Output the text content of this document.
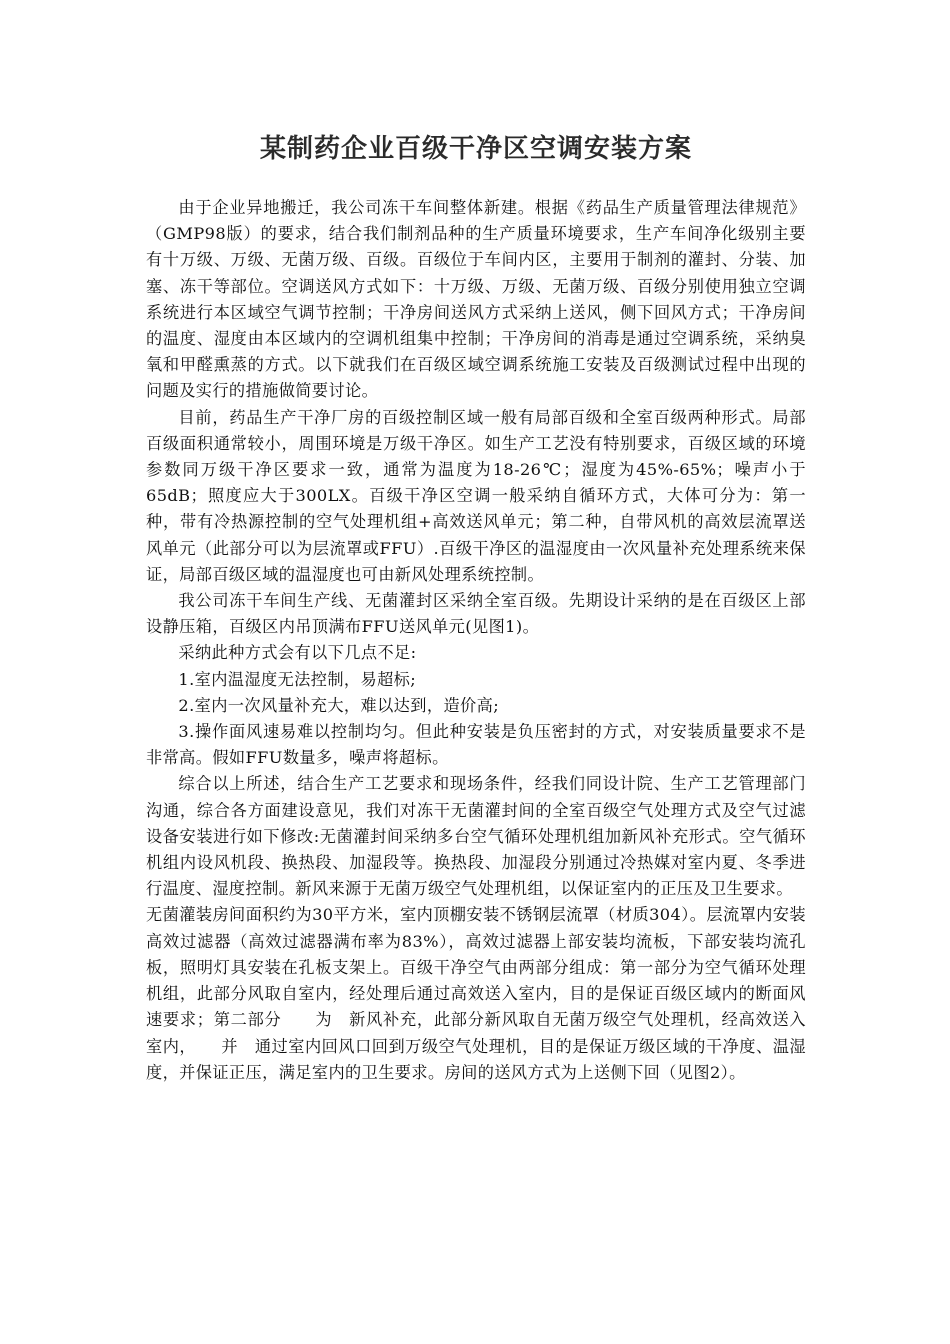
某制药企业百级干净区空调安装方案

由于企业异地搬迁，我公司冻干车间整体新建。根据《药品生产质量管理法律规范》（GMP98版）的要求，结合我们制剂品种的生产质量环境要求，生产车间净化级别主要有十万级、万级、无菌万级、百级。百级位于车间内区，主要用于制剂的灌封、分装、加塞、冻干等部位。空调送风方式如下：十万级、万级、无菌万级、百级分别使用独立空调系统进行本区域空气调节控制；干净房间送风方式采纳上送风，侧下回风方式；干净房间的温度、湿度由本区域内的空调机组集中控制；干净房间的消毒是通过空调系统，采纳臭氧和甲醛熏蒸的方式。以下就我们在百级区域空调系统施工安装及百级测试过程中出现的问题及实行的措施做简要讨论。

目前，药品生产干净厂房的百级控制区域一般有局部百级和全室百级两种形式。局部百级面积通常较小，周围环境是万级干净区。如生产工艺没有特别要求，百级区域的环境参数同万级干净区要求一致，通常为温度为18-26℃；湿度为45%-65%；噪声小于65dB；照度应大于300LX。百级干净区空调一般采纳自循环方式，大体可分为：第一种，带有冷热源控制的空气处理机组+高效送风单元；第二种，自带风机的高效层流罩送风单元（此部分可以为层流罩或FFU）.百级干净区的温湿度由一次风量补充处理系统来保证，局部百级区域的温湿度也可由新风处理系统控制。

我公司冻干车间生产线、无菌灌封区采纳全室百级。先期设计采纳的是在百级区上部设静压箱，百级区内吊顶满布FFU送风单元(见图1)。

采纳此种方式会有以下几点不足:

1.室内温湿度无法控制，易超标;

2.室内一次风量补充大，难以达到，造价高;

3.操作面风速易难以控制均匀。但此种安装是负压密封的方式，对安装质量要求不是非常高。假如FFU数量多，噪声将超标。

综合以上所述，结合生产工艺要求和现场条件，经我们同设计院、生产工艺管理部门沟通，综合各方面建设意见，我们对冻干无菌灌封间的全室百级空气处理方式及空气过滤设备安装进行如下修改:无菌灌封间采纳多台空气循环处理机组加新风补充形式。空气循环机组内设风机段、换热段、加湿段等。换热段、加湿段分别通过冷热媒对室内夏、冬季进行温度、湿度控制。新风来源于无菌万级空气处理机组，以保证室内的正压及卫生要求。

无菌灌装房间面积约为30平方米，室内顶棚安装不锈钢层流罩（材质304）。层流罩内安装高效过滤器（高效过滤器满布率为83%），高效过滤器上部安装均流板，下部安装均流孔板，照明灯具安装在孔板支架上。百级干净空气由两部分组成：第一部分为空气循环处理机组，此部分风取自室内，经处理后通过高效送入室内，目的是保证百级区域内的断面风速要求；第二部分　　为　新风补充，此部分新风取自无菌万级空气处理机，经高效送入室内，　　并　通过室内回风口回到万级空气处理机，目的是保证万级区域的干净度、温湿度，并保证正压，满足室内的卫生要求。房间的送风方式为上送侧下回（见图2）。
